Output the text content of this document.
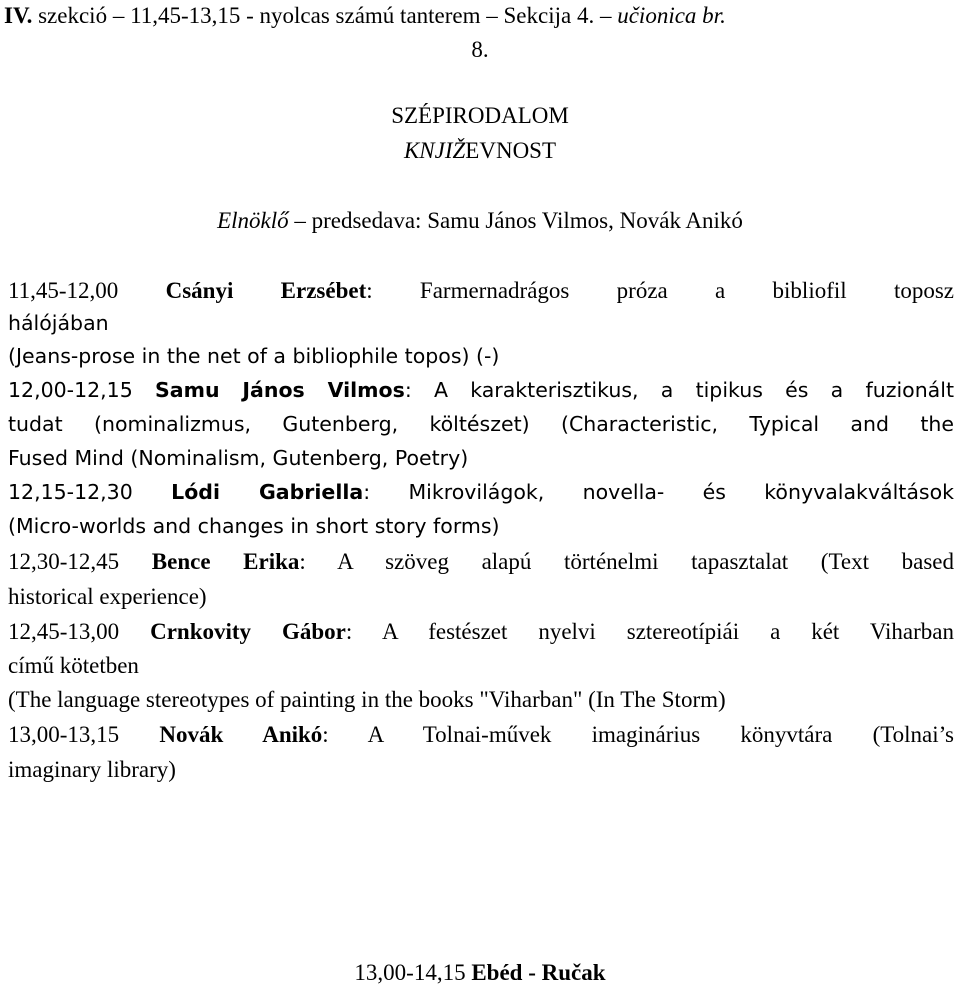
IV. szekció – 11,45-13,15 - nyolcas számú tanterem – Sekcija 4. – učionica br.
8.
SZÉPIRODALOM
KNJIŽEVNOST
Elnöklő – predsedava: Samu János Vilmos, Novák Anikó
11,45-12,00 Csányi Erzsébet: Farmernadrágos próza a bibliofil toposz
hálójában
(Jeans-prose in the net of a bibliophile topos) (-)
12,00-12,15 Samu János Vilmos: A karakterisztikus, a tipikus és a fuzionált
tudat (nominalizmus, Gutenberg, költészet) (Characteristic, Typical and the
Fused Mind (Nominalism, Gutenberg, Poetry)
12,15-12,30 Lódi Gabriella: Mikrovilágok, novella- és könyvalakváltások
(Micro-worlds and changes in short story forms)
12,30-12,45 Bence Erika: A szöveg alapú történelmi tapasztalat (Text based
historical experience)
12,45-13,00 Crnkovity Gábor: A festészet nyelvi sztereotípiái a két Viharban
című kötetben
(The language stereotypes of painting in the books "Viharban" (In The Storm)
13,00-13,15 Novák Anikó: A Tolnai-művek imaginárius könyvtára (Tolnai’s
imaginary library)
13,00-14,15 Ebéd - Ručak
